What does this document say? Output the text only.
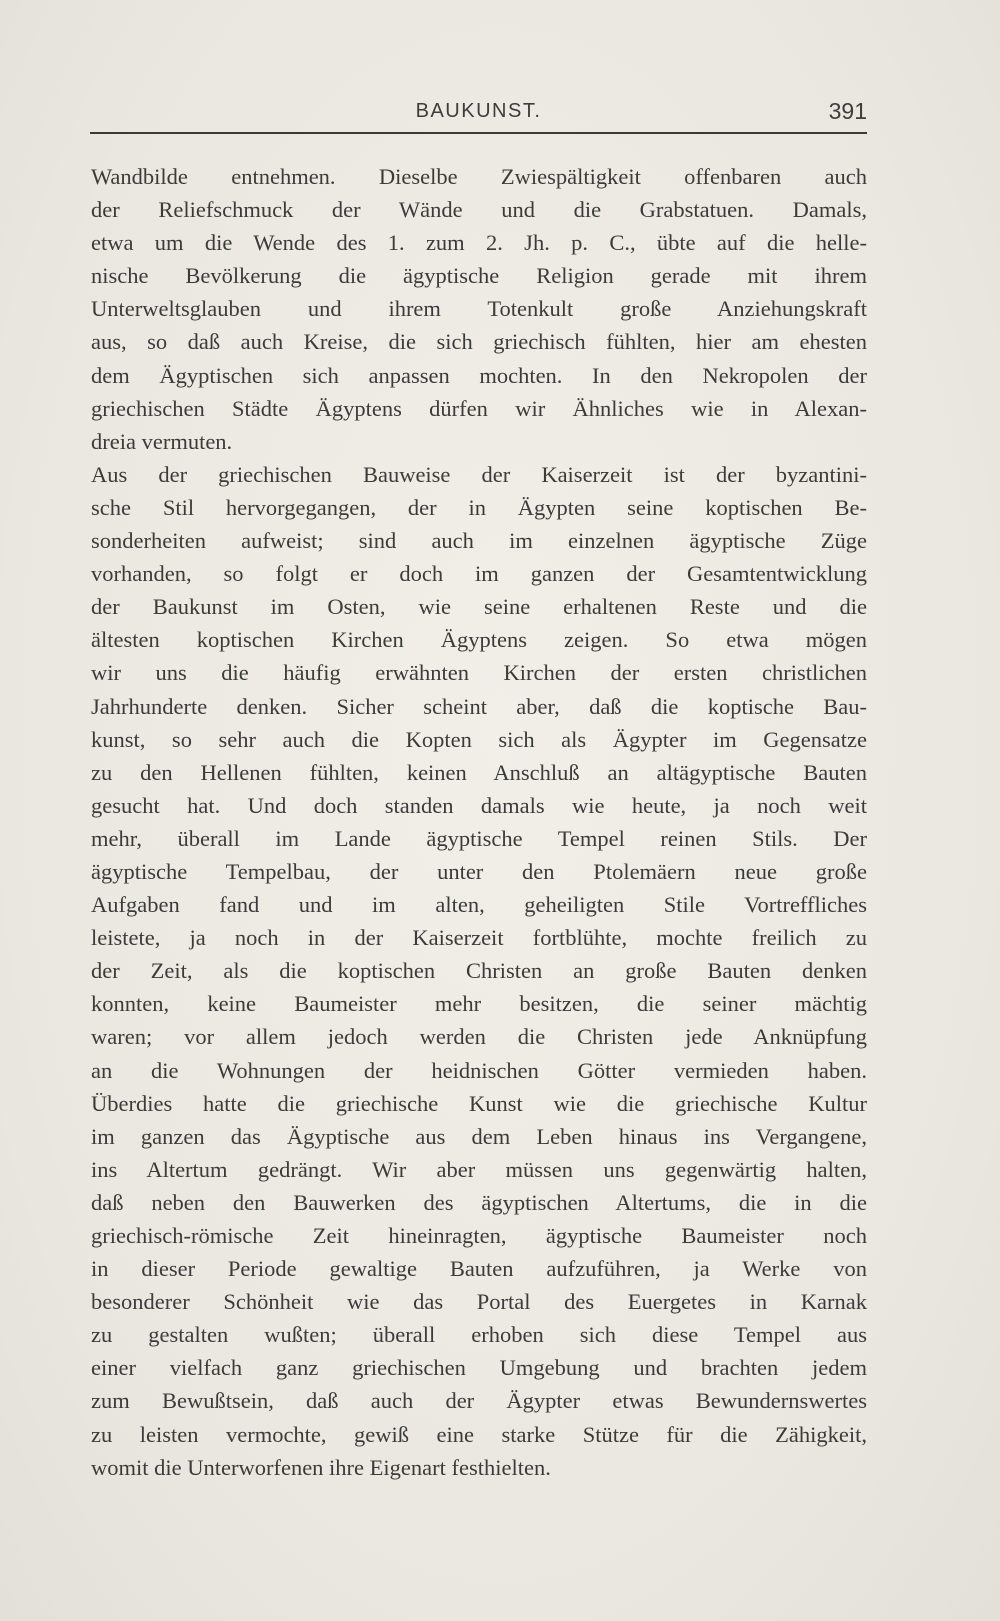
BAUKUNST.	391
Wandbilde entnehmen. Dieselbe Zwiespältigkeit offenbaren auch
der Reliefschmuck der Wände und die Grabstatuen. Damals,
etwa um die Wende des 1. zum 2. Jh. p. C., übte auf die helle-
nische Bevölkerung die ägyptische Religion gerade mit ihrem
Unterweltsglauben und ihrem Totenkult große Anziehungskraft
aus, so daß auch Kreise, die sich griechisch fühlten, hier am ehesten
dem Ägyptischen sich anpassen mochten. In den Nekropolen der
griechischen Städte Ägyptens dürfen wir Ähnliches wie in Alexan-
dreia vermuten.
Aus der griechischen Bauweise der Kaiserzeit ist der byzantini-
sche Stil hervorgegangen, der in Ägypten seine koptischen Be-
sonderheiten aufweist; sind auch im einzelnen ägyptische Züge
vorhanden, so folgt er doch im ganzen der Gesamtentwicklung
der Baukunst im Osten, wie seine erhaltenen Reste und die
ältesten koptischen Kirchen Ägyptens zeigen. So etwa mögen
wir uns die häufig erwähnten Kirchen der ersten christlichen
Jahrhunderte denken. Sicher scheint aber, daß die koptische Bau-
kunst, so sehr auch die Kopten sich als Ägypter im Gegensatze
zu den Hellenen fühlten, keinen Anschluß an altägyptische Bauten
gesucht hat. Und doch standen damals wie heute, ja noch weit
mehr, überall im Lande ägyptische Tempel reinen Stils. Der
ägyptische Tempelbau, der unter den Ptolemäern neue große
Aufgaben fand und im alten, geheiligten Stile Vortreffliches
leistete, ja noch in der Kaiserzeit fortblühte, mochte freilich zu
der Zeit, als die koptischen Christen an große Bauten denken
konnten, keine Baumeister mehr besitzen, die seiner mächtig
waren; vor allem jedoch werden die Christen jede Anknüpfung
an die Wohnungen der heidnischen Götter vermieden haben.
Überdies hatte die griechische Kunst wie die griechische Kultur
im ganzen das Ägyptische aus dem Leben hinaus ins Vergangene,
ins Altertum gedrängt. Wir aber müssen uns gegenwärtig halten,
daß neben den Bauwerken des ägyptischen Altertums, die in die
griechisch-römische Zeit hineinragten, ägyptische Baumeister noch
in dieser Periode gewaltige Bauten aufzuführen, ja Werke von
besonderer Schönheit wie das Portal des Euergetes in Karnak
zu gestalten wußten; überall erhoben sich diese Tempel aus
einer vielfach ganz griechischen Umgebung und brachten jedem
zum Bewußtsein, daß auch der Ägypter etwas Bewundernswertes
zu leisten vermochte, gewiß eine starke Stütze für die Zähigkeit,
womit die Unterworfenen ihre Eigenart festhielten.
